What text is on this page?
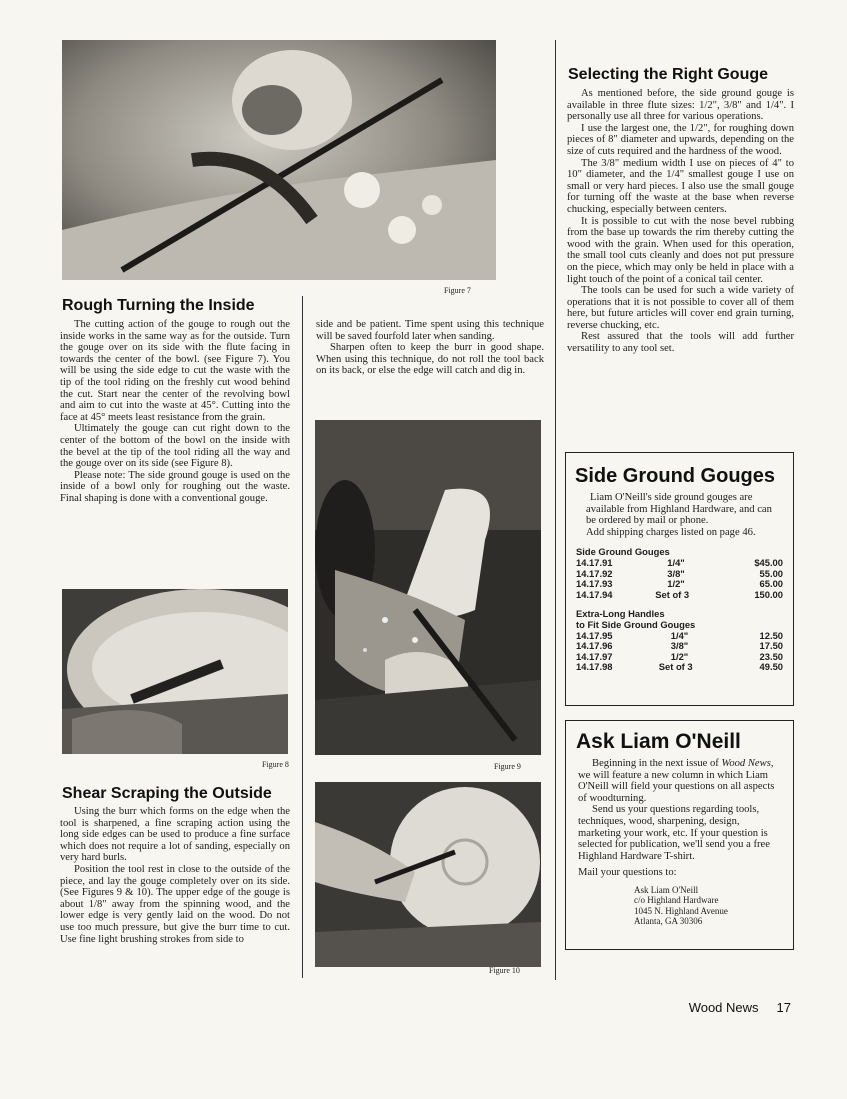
Figure 7
Rough Turning the Inside

The cutting action of the gouge to rough out the inside works in the same way as for the outside. Turn the gouge over on its side with the flute facing in towards the center of the bowl. (see Figure 7). You will be using the side edge to cut the waste with the tip of the tool riding on the freshly cut wood behind the cut. Start near the center of the revolving bowl and aim to cut into the waste at 45°. Cutting into the face at 45° meets least resistance from the grain.

Ultimately the gouge can cut right down to the center of the bottom of the bowl on the inside with the bevel at the tip of the tool riding all the way and the gouge over on its side (see Figure 8).

Please note: The side ground gouge is used on the inside of a bowl only for roughing out the waste. Final shaping is done with a conventional gouge.

Figure 8
Shear Scraping the Outside

Using the burr which forms on the edge when the tool is sharpened, a fine scraping action using the long side edges can be used to produce a fine surface which does not require a lot of sanding, especially on very hard burls.

Position the tool rest in close to the outside of the piece, and lay the gouge completely over on its side. (See Figures 9 & 10). The upper edge of the gouge is about 1/8" away from the spinning wood, and the lower edge is very gently laid on the wood. Do not use too much pressure, but give the burr time to cut. Use fine light brushing strokes from side to

side and be patient. Time spent using this technique will be saved fourfold later when sanding.

Sharpen often to keep the burr in good shape. When using this technique, do not roll the tool back on its back, or else the edge will catch and dig in.

Figure 9
Figure 10
Selecting the Right Gouge

As mentioned before, the side ground gouge is available in three flute sizes: 1/2", 3/8" and 1/4". I personally use all three for various operations.

I use the largest one, the 1/2", for roughing down pieces of 8" diameter and upwards, depending on the size of cuts required and the hardness of the wood.

The 3/8" medium width I use on pieces of 4" to 10" diameter, and the 1/4" smallest gouge I use on small or very hard pieces. I also use the small gouge for turning off the waste at the base when reverse chucking, especially between centers.

It is possible to cut with the nose bevel rubbing from the base up towards the rim thereby cutting the wood with the grain. When used for this operation, the small tool cuts cleanly and does not put pressure on the piece, which may only be held in place with a light touch of the point of a conical tail center.

The tools can be used for such a wide variety of operations that it is not possible to cover all of them here, but future articles will cover end grain turning, reverse chucking, etc.

Rest assured that the tools will add further versatility to any tool set.

Side Ground Gouges
Liam O'Neill's side ground gouges are available from Highland Hardware, and can be ordered by mail or phone.
Add shipping charges listed on page 46.
Side Ground Gouges
14.17.91	1/4"	$45.00
14.17.92	3/8"	55.00
14.17.93	1/2"	65.00
14.17.94	Set of 3	150.00
Extra-Long Handles
to Fit Side Ground Gouges
14.17.95	1/4"	12.50
14.17.96	3/8"	17.50
14.17.97	1/2"	23.50
14.17.98	Set of 3	49.50
Ask Liam O'Neill

Beginning in the next issue of Wood News, we will feature a new column in which Liam O'Neill will field your questions on all aspects of woodturning.

Send us your questions regarding tools, techniques, wood, sharpening, design, marketing your work, etc. If your question is selected for publication, we'll send you a free Highland Hardware T-shirt.

Mail your questions to:

Ask Liam O'Neill
c/o Highland Hardware
1045 N. Highland Avenue
Atlanta, GA 30306
Wood News 17
